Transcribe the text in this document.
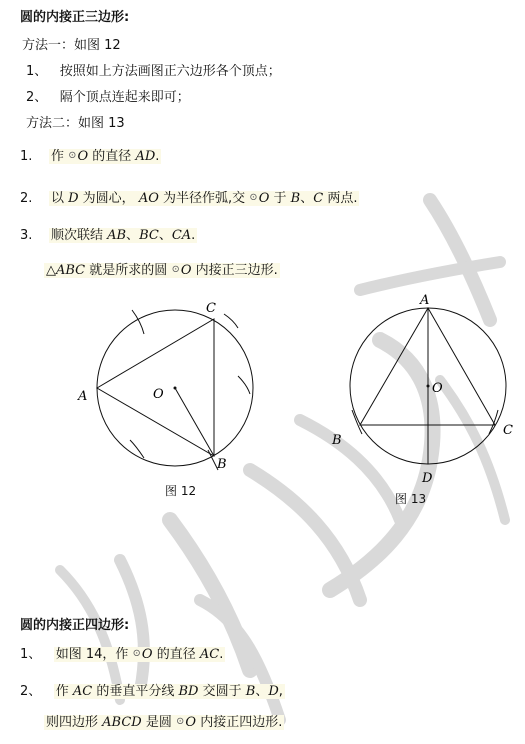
圆的内接正三边形:
方法一：如图 12
1、 按照如上方法画图正六边形各个顶点；
2、 隔个顶点连起来即可；
方法二：如图 13
1. 作 ⊙O 的直径 AD.
2. 以 D 为圆心， AO 为半径作弧,交 ⊙O 于 B、C 两点.
3. 顺次联结 AB、BC、CA.
△ABC 就是所求的圆 ⊙O 内接正三边形.
A
C
B
O
图 12
A
B
C
D
O
图 13
圆的内接正四边形:
1、 如图 14，作 ⊙O 的直径 AC.
2、 作 AC 的垂直平分线 BD 交圆于 B、D,
则四边形 ABCD 是圆 ⊙O 内接正四边形.
